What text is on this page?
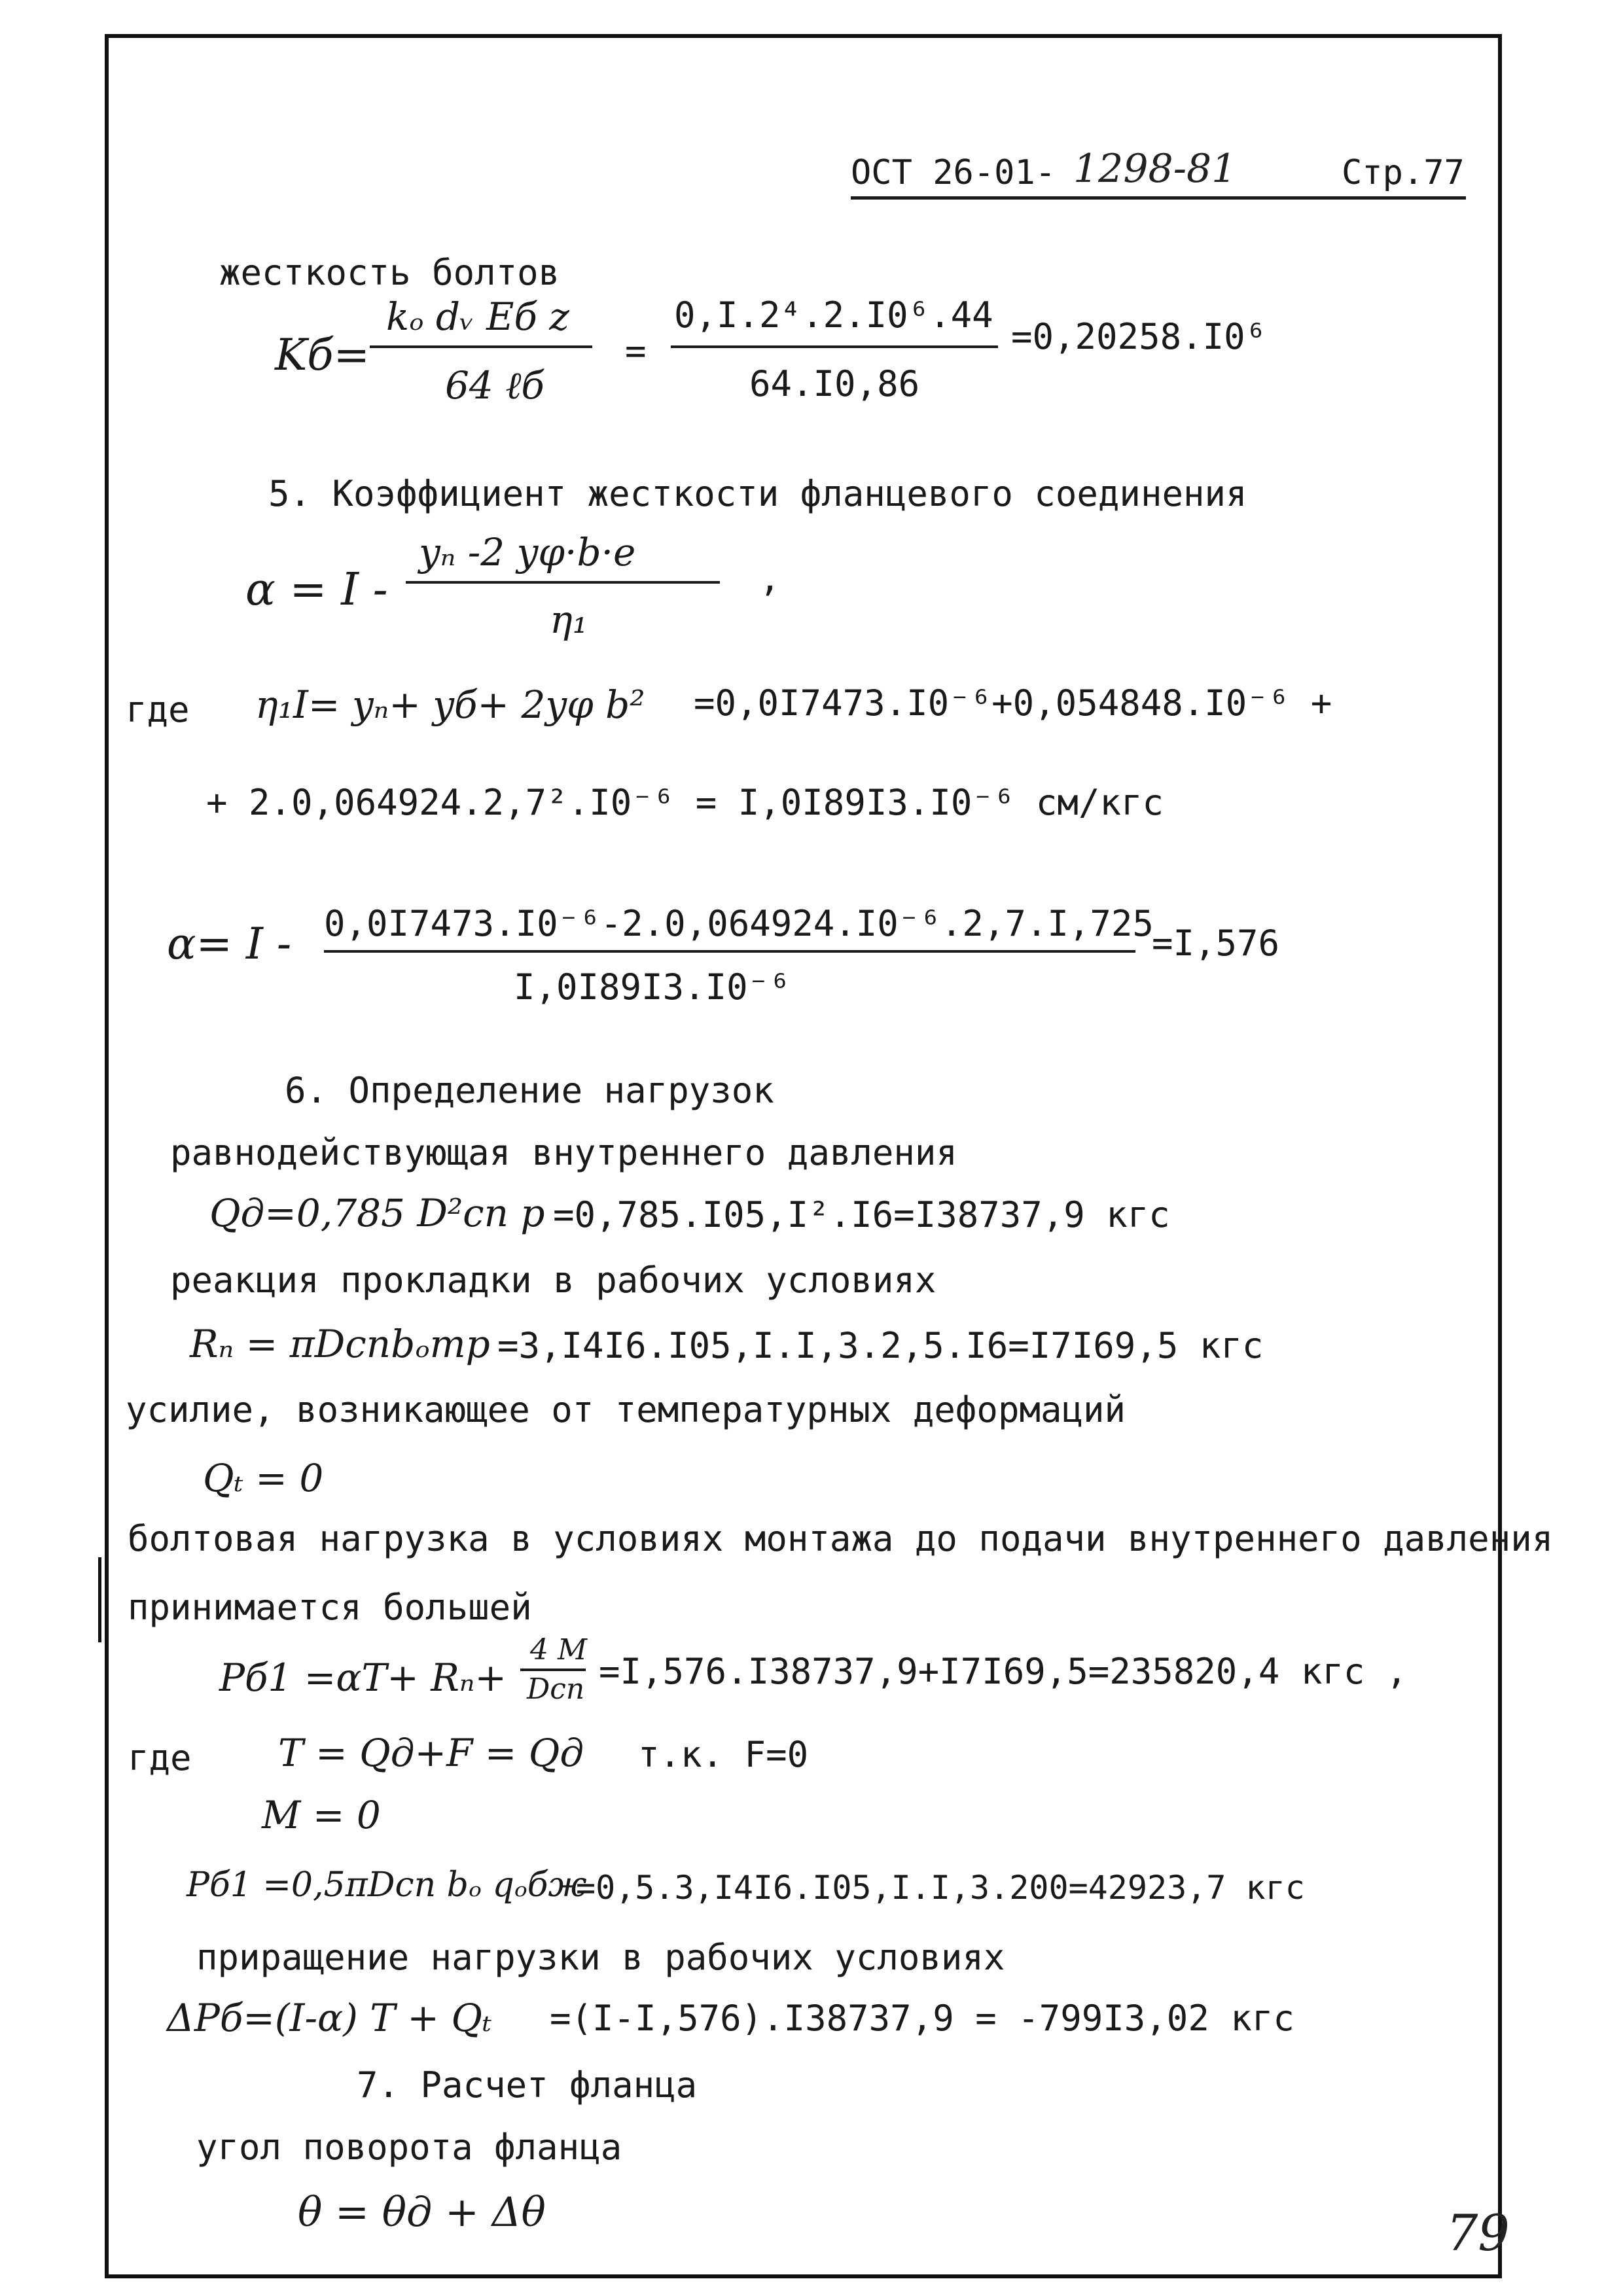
ОСТ 26-01- 1298-81	Стр.77
жесткость болтов
Kб=
kₒ dᵥ Eб z
64 ℓб
=
0,I.2⁴.2.I0⁶.44
64.I0,86
=0,20258.I0⁶
5. Коэффициент жесткости фланцевого соединения
α = I -
yₙ -2 yφ·b·e
η₁
,
где η₁I= yₙ+ yб+ 2yφ b² =0,0I7473.I0⁻⁶+0,054848.I0⁻⁶ +
+ 2.0,064924.2,7².I0⁻⁶ = I,0I89I3.I0⁻⁶ см/кгс
α= I - 0,0I7473.I0⁻⁶-2.0,064924.I0⁻⁶.2,7.I,725
I,0I89I3.I0⁻⁶
=I,576
6. Определение нагрузок
равнодействующая внутреннего давления
Qд=0,785 D²сп p =0,785.I05,I².I6=I38737,9 кгс
реакция прокладки в рабочих условиях
Rₙ = πDспbₒmp =3,I4I6.I05,I.I,3.2,5.I6=I7I69,5 кгс
усилие, возникающее от температурных деформаций
Qₜ = 0
болтовая нагрузка в условиях монтажа до подачи внутреннего давления
принимается большей
Pб1 =αT+ Rₙ+
4 M
Dсп =I,576.I38737,9+I7I69,5=235820,4 кгс ,
где T = Qд+F = Qд т.к. F=0
M = 0
Pб1 =0,5πDсп bₒ qₒбж
=0,5.3,I4I6.I05,I.I,3.200=42923,7 кгс
приращение нагрузки в рабочих условиях
ΔPб=(I-α) T + Qₜ =(I-I,576).I38737,9 = -799I3,02 кгс
7. Расчет фланца
угол поворота фланца
θ = θд + Δθ	79
